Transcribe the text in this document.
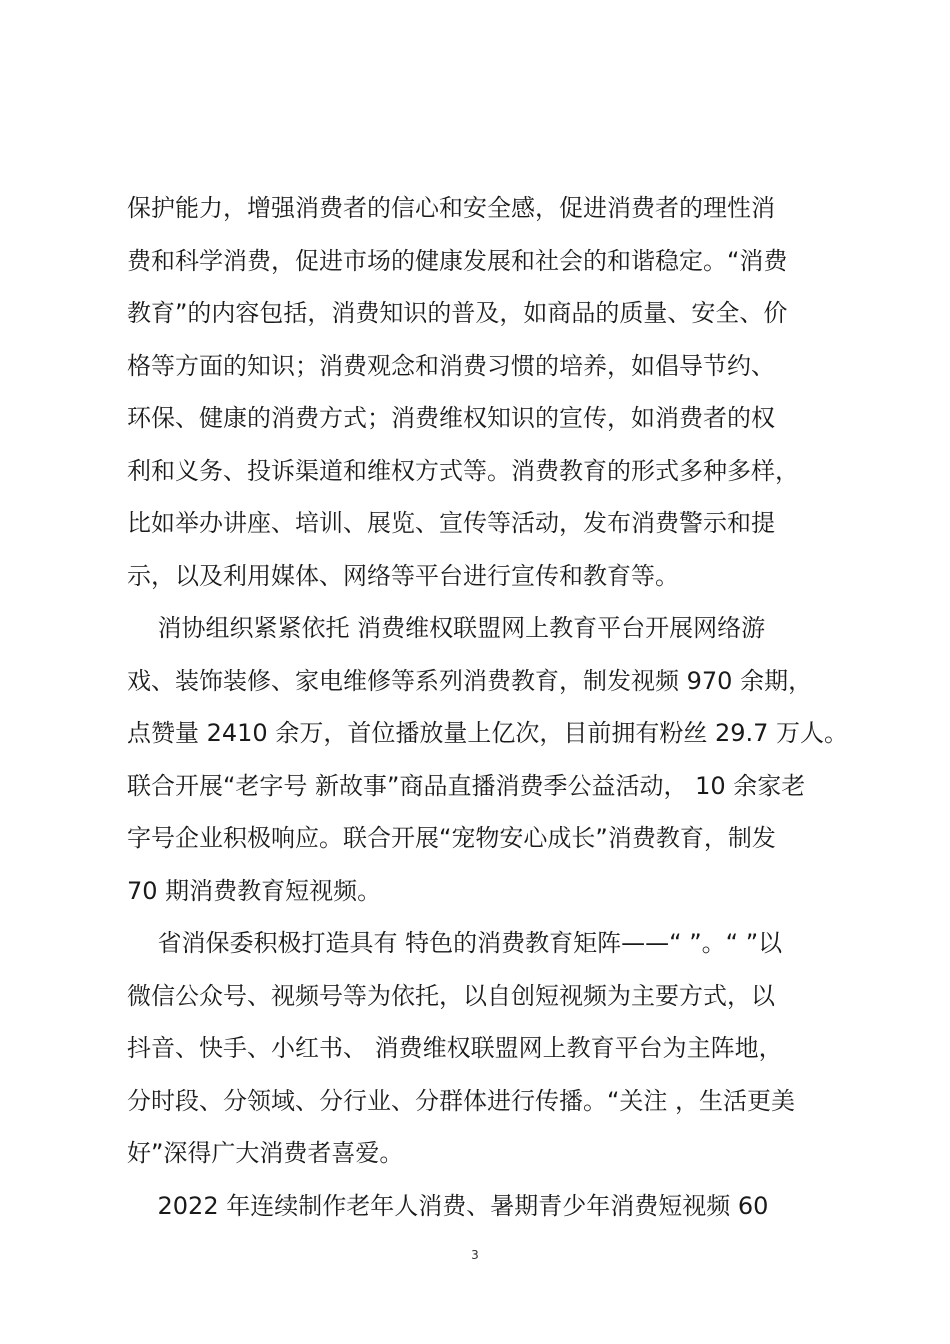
保护能力，增强消费者的信心和安全感，促进消费者的理性消
费和科学消费，促进市场的健康发展和社会的和谐稳定。“消费
教育”的内容包括，消费知识的普及，如商品的质量、安全、价
格等方面的知识；消费观念和消费习惯的培养，如倡导节约、
环保、健康的消费方式；消费维权知识的宣传，如消费者的权
利和义务、投诉渠道和维权方式等。消费教育的形式多种多样，
比如举办讲座、培训、展览、宣传等活动，发布消费警示和提
示，以及利用媒体、网络等平台进行宣传和教育等。
消协组织紧紧依托 消费维权联盟网上教育平台开展网络游
戏、装饰装修、家电维修等系列消费教育，制发视频 970 余期，
点赞量 2410 余万，首位播放量上亿次，目前拥有粉丝 29.7 万人。
联合开展“老字号 新故事”商品直播消费季公益活动， 10 余家老
字号企业积极响应。联合开展“宠物安心成长”消费教育，制发
70 期消费教育短视频。
省消保委积极打造具有 特色的消费教育矩阵——“ ”。“ ”以
微信公众号、视频号等为依托，以自创短视频为主要方式，以
抖音、快手、小红书、 消费维权联盟网上教育平台为主阵地，
分时段、分领域、分行业、分群体进行传播。“关注 ，生活更美
好”深得广大消费者喜爱。
2022 年连续制作老年人消费、暑期青少年消费短视频 60
3
